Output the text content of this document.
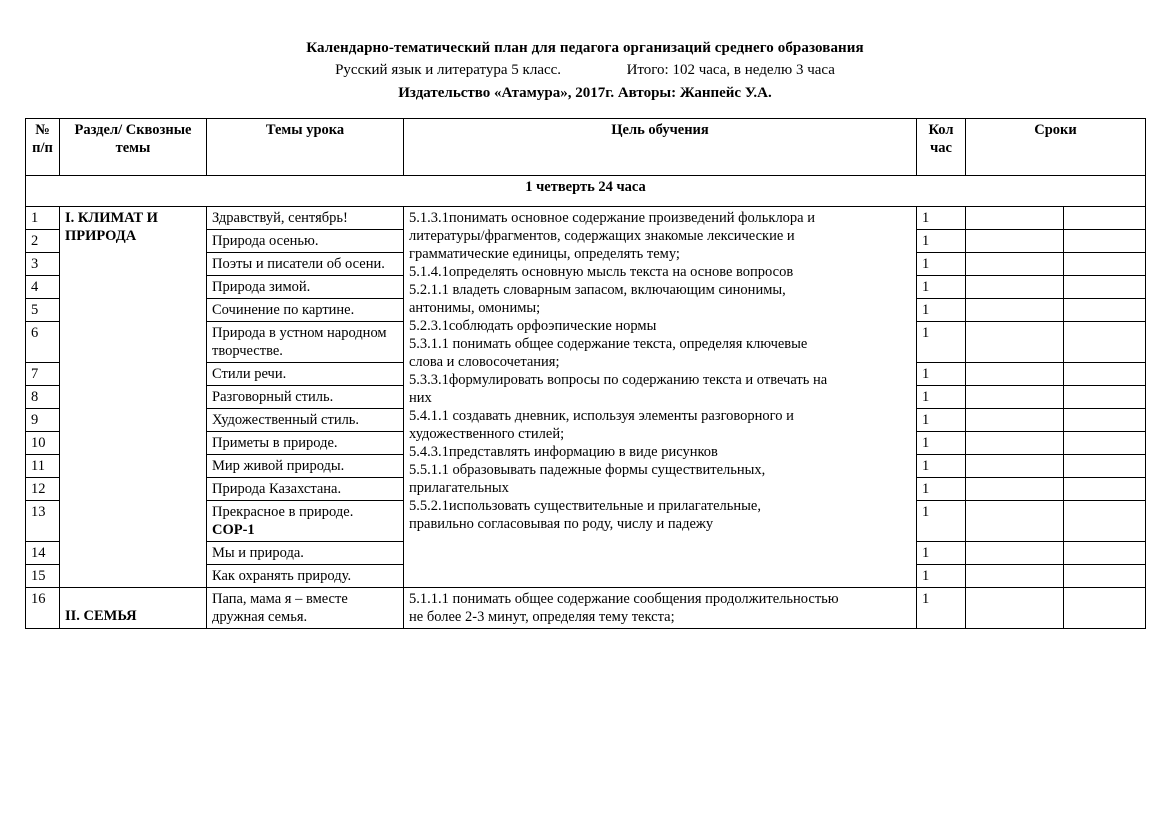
Календарно-тематический план для педагога организаций среднего образования
Русский язык и литература 5 класс.	Итого: 102 часа, в неделю 3 часа
Издательство «Атамура», 2017г. Авторы: Жанпейс У.А.
№
п/п	Раздел/ Сквозные темы	Темы урока	Цель обучения	Кол
час	Сроки	
1 четверть 24 часа						
1	I. КЛИМАТ И ПРИРОДА	Здравствуй, сентябрь!	5.1.3.1понимать основное содержание произведений фольклора и
литературы/фрагментов, содержащих знакомые лексические и
грамматические единицы, определять тему;
5.1.4.1определять основную мысль текста на основе вопросов
5.2.1.1 владеть словарным запасом, включающим синонимы,
антонимы, омонимы;
5.2.3.1соблюдать орфоэпические нормы
5.3.1.1 понимать общее содержание текста, определяя ключевые
слова и словосочетания;
5.3.3.1формулировать вопросы по содержанию текста и отвечать на
них
5.4.1.1 создавать дневник, используя элементы разговорного и
художественного стилей;
5.4.3.1представлять информацию в виде рисунков
5.5.1.1 образовывать падежные формы существительных,
прилагательных
5.5.2.1использовать существительные и прилагательные,
правильно согласовывая по роду, числу и падежу
	1		
2		Природа осенью.		1		
3		Поэты и писатели об осени.		1		
4		Природа зимой.		1		
5		Сочинение по картине.		1		
6		Природа в устном народном творчестве.		1		
7		Стили речи.		1		
8		Разговорный стиль.		1		
9		Художественный стиль.		1		
10		Приметы в природе.		1		
11		Мир живой природы.		1		
12		Природа Казахстана.		1		
13		Прекрасное в природе.
СОР-1		1		
14		Мы и природа.		1		
15		Как охранять природу.		1		
16	II. СЕМЬЯ	Папа, мама я – вместе дружная семья.	5.1.1.1 понимать общее содержание сообщения продолжительностью
не более 2-3 минут, определяя тему текста;	1		
